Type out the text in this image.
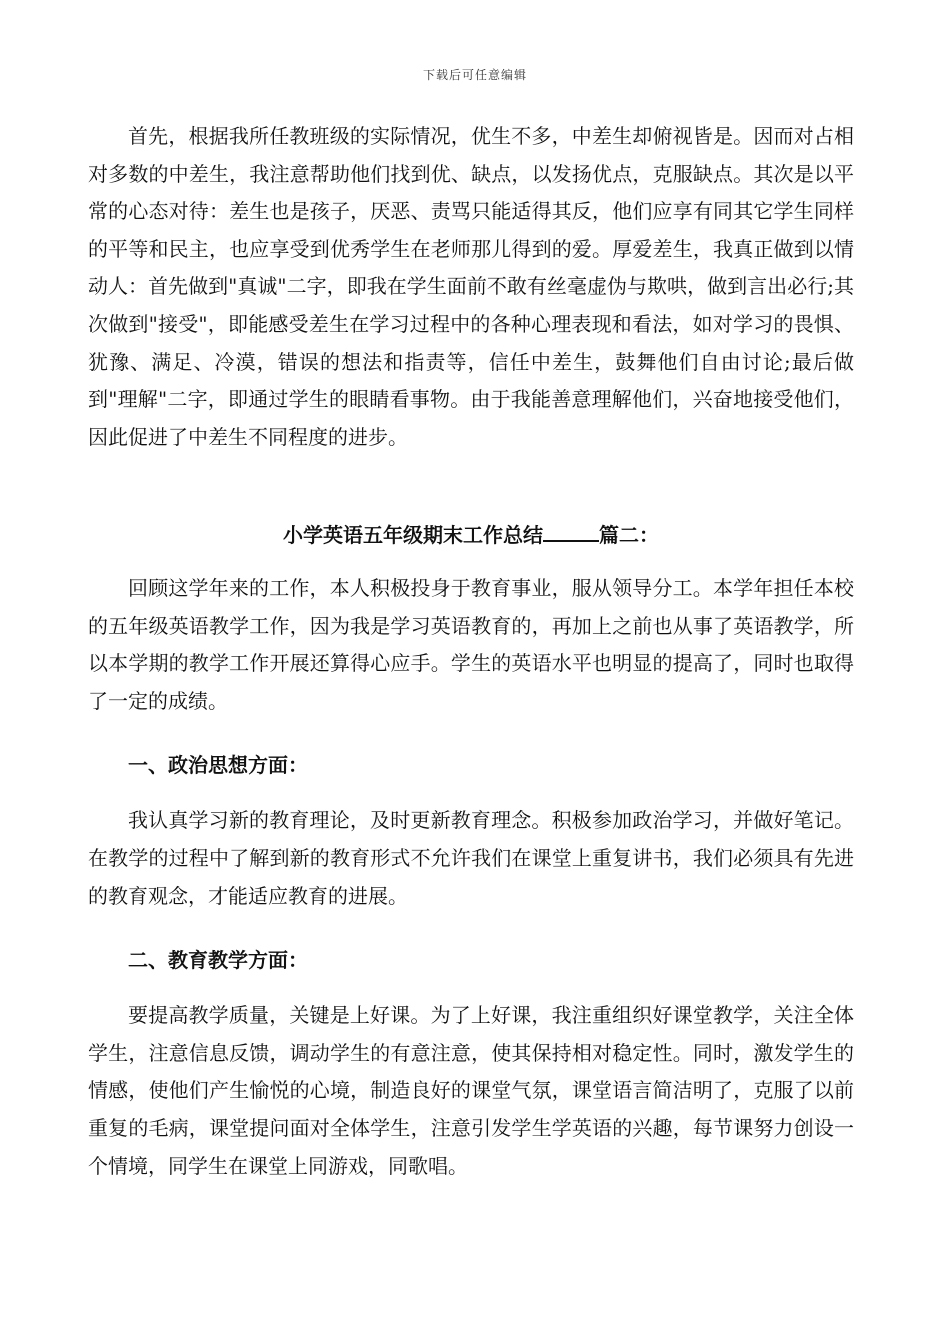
下载后可任意编辑

首先，根据我所任教班级的实际情况，优生不多，中差生却俯视皆是。因而对占相对多数的中差生，我注意帮助他们找到优、缺点，以发扬优点，克服缺点。其次是以平常的心态对待：差生也是孩子，厌恶、责骂只能适得其反，他们应享有同其它学生同样的平等和民主，也应享受到优秀学生在老师那儿得到的爱。厚爱差生，我真正做到以情动人：首先做到"真诚"二字，即我在学生面前不敢有丝毫虚伪与欺哄，做到言出必行;其次做到"接受"，即能感受差生在学习过程中的各种心理表现和看法，如对学习的畏惧、犹豫、满足、冷漠，错误的想法和指责等，信任中差生，鼓舞他们自由讨论;最后做到"理解"二字，即通过学生的眼睛看事物。由于我能善意理解他们，兴奋地接受他们，因此促进了中差生不同程度的进步。

小学英语五年级期末工作总结	篇二：

回顾这学年来的工作，本人积极投身于教育事业，服从领导分工。本学年担任本校的五年级英语教学工作，因为我是学习英语教育的，再加上之前也从事了英语教学，所以本学期的教学工作开展还算得心应手。学生的英语水平也明显的提高了，同时也取得了一定的成绩。

一、政治思想方面：

我认真学习新的教育理论，及时更新教育理念。积极参加政治学习，并做好笔记。在教学的过程中了解到新的教育形式不允许我们在课堂上重复讲书，我们必须具有先进的教育观念，才能适应教育的进展。

二、教育教学方面：

要提高教学质量，关键是上好课。为了上好课，我注重组织好课堂教学，关注全体学生，注意信息反馈，调动学生的有意注意，使其保持相对稳定性。同时，激发学生的情感，使他们产生愉悦的心境，制造良好的课堂气氛，课堂语言简洁明了，克服了以前重复的毛病，课堂提问面对全体学生，注意引发学生学英语的兴趣，每节课努力创设一个情境，同学生在课堂上同游戏，同歌唱。
